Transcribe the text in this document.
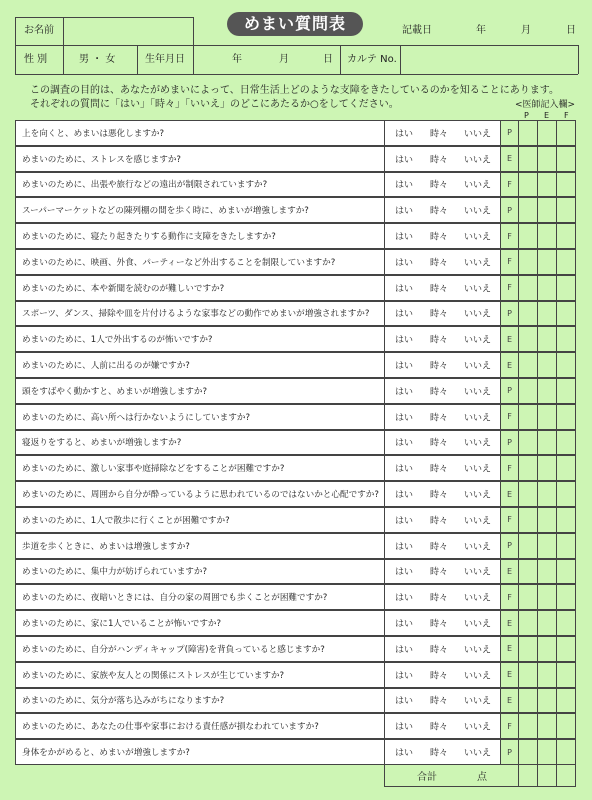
めまい質問表
お名前	記載日	年	月	日
性 別	男 ・ 女	生年月日	年	月	日 カルテ No.
この調査の目的は、あなたがめまいによって、日常生活上どのような支障をきたしているのかを知ることにあります。
それぞれの質問に「はい」「時々」「いいえ」のどこにあたるか○をしてください。	<医師記入欄>
P E F
上を向くと、めまいは悪化しますか?	はい 時々 いいえ	P
めまいのために、ストレスを感じますか?	はい 時々 いいえ	E
めまいのために、出張や旅行などの遠出が制限されていますか?	はい 時々 いいえ	F
スーパーマーケットなどの陳列棚の間を歩く時に、めまいが増強しますか?	はい 時々 いいえ	P
めまいのために、寝たり起きたりする動作に支障をきたしますか?	はい 時々 いいえ	F
めまいのために、映画、外食、パーティーなど外出することを制限していますか?	はい 時々 いいえ	F
めまいのために、本や新聞を読むのが難しいですか?	はい 時々 いいえ	F
スポーツ、ダンス、掃除や皿を片付けるような家事などの動作でめまいが増強されますか?	はい 時々 いいえ	P
めまいのために、1人で外出するのが怖いですか?	はい 時々 いいえ	E
めまいのために、人前に出るのが嫌ですか?	はい 時々 いいえ	E
頭をすばやく動かすと、めまいが増強しますか?	はい 時々 いいえ	P
めまいのために、高い所へは行かないようにしていますか?	はい 時々 いいえ	F
寝返りをすると、めまいが増強しますか?	はい 時々 いいえ	P
めまいのために、激しい家事や庭掃除などをすることが困難ですか?	はい 時々 いいえ	F
めまいのために、周囲から自分が酔っているように思われているのではないかと心配ですか?	はい 時々 いいえ	E
めまいのために、1人で散歩に行くことが困難ですか?	はい 時々 いいえ	F
歩道を歩くときに、めまいは増強しますか?	はい 時々 いいえ	P
めまいのために、集中力が妨げられていますか?	はい 時々 いいえ	E
めまいのために、夜暗いときには、自分の家の周囲でも歩くことが困難ですか?	はい 時々 いいえ	F
めまいのために、家に1人でいることが怖いですか?	はい 時々 いいえ	E
めまいのために、自分がハンディキャップ(障害)を背負っていると感じますか?	はい 時々 いいえ	E
めまいのために、家族や友人との関係にストレスが生じていますか?	はい 時々 いいえ	E
めまいのために、気分が落ち込みがちになりますか?	はい 時々 いいえ	E
めまいのために、あなたの仕事や家事における責任感が損なわれていますか?	はい 時々 いいえ	F
身体をかがめると、めまいが増強しますか?	はい 時々 いいえ	P
合計	点
